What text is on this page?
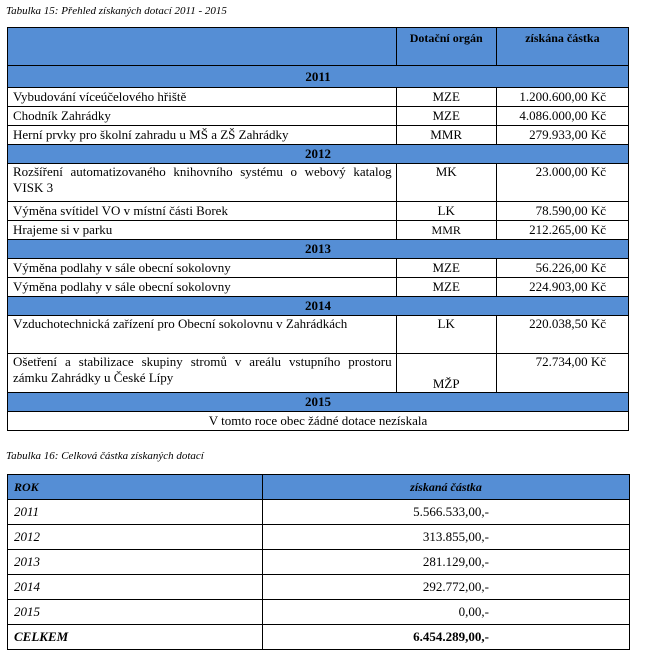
Tabulka 15: Přehled získaných dotací 2011 - 2015
	Dotační orgán	získána částka
2011		
Vybudování víceúčelového hřiště	MZE	1.200.600,00 Kč
Chodník Zahrádky	MZE	4.086.000,00 Kč
Herní prvky pro školní zahradu u MŠ a ZŠ Zahrádky	MMR	279.933,00 Kč
2012		
Rozšíření automatizovaného knihovního systému o webový katalog VISK 3	MK	23.000,00 Kč
Výměna svítidel VO v místní části Borek	LK	78.590,00 Kč
Hrajeme si v parku	MMR	212.265,00 Kč
2013		
Výměna podlahy v sále obecní sokolovny	MZE	56.226,00 Kč
Výměna podlahy v sále obecní sokolovny	MZE	224.903,00 Kč
2014		
Vzduchotechnická zařízení pro Obecní sokolovnu v Zahrádkách	LK	220.038,50 Kč
Ošetření a stabilizace skupiny stromů v areálu vstupního prostoru zámku Zahrádky u České Lípy	MŽP	72.734,00 Kč
2015		
V tomto roce obec žádné dotace nezískala		
Tabulka 16: Celková částka získaných dotací
ROK	získaná částka
2011	5.566.533,00,-
2012	313.855,00,-
2013	281.129,00,-
2014	292.772,00,-
2015	0,00,-
CELKEM	6.454.289,00,-
